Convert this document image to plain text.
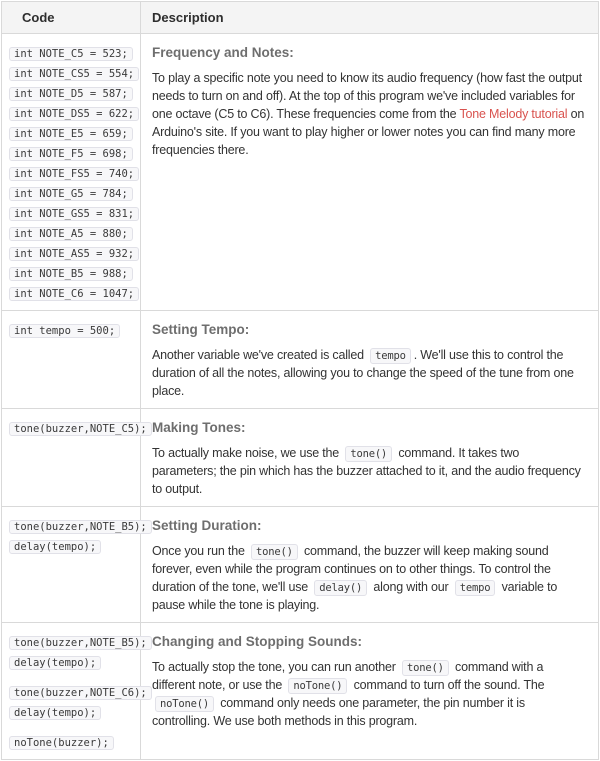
Code	Description
int NOTE_C5 = 523;
int NOTE_CS5 = 554;
int NOTE_D5 = 587;
int NOTE_DS5 = 622;
int NOTE_E5 = 659;
int NOTE_F5 = 698;
int NOTE_FS5 = 740;
int NOTE_G5 = 784;
int NOTE_GS5 = 831;
int NOTE_A5 = 880;
int NOTE_AS5 = 932;
int NOTE_B5 = 988;
int NOTE_C6 = 1047;
Frequency and Notes:

To play a specific note you need to know its audio frequency (how fast the output needs to turn on and off). At the top of this program we've included variables for one octave (C5 to C6). These frequencies come from the Tone Melody tutorial on Arduino's site. If you want to play higher or lower notes you can find many more frequencies there.

int tempo = 500;	Setting Tempo:

Another variable we've created is called tempo . We'll use this to control the duration of all the notes, allowing you to change the speed of the tune from one place.

tone(buzzer,NOTE_C5); Making Tones:

To actually make noise, we use the tone() command. It takes two parameters; the pin which has the buzzer attached to it, and the audio frequency to output.

tone(buzzer,NOTE_B5);
delay(tempo);
Setting Duration:

Once you run the tone() command, the buzzer will keep making sound forever, even while the program continues on to other things. To control the duration of the tone, we'll use delay() along with our tempo variable to pause while the tone is playing.

tone(buzzer,NOTE_B5);
delay(tempo);
tone(buzzer,NOTE_C6);
delay(tempo);
noTone(buzzer);
Changing and Stopping Sounds:

To actually stop the tone, you can run another tone() command with a different note, or use the noTone() command to turn off the sound. The noTone() command only needs one parameter, the pin number it is controlling. We use both methods in this program.
